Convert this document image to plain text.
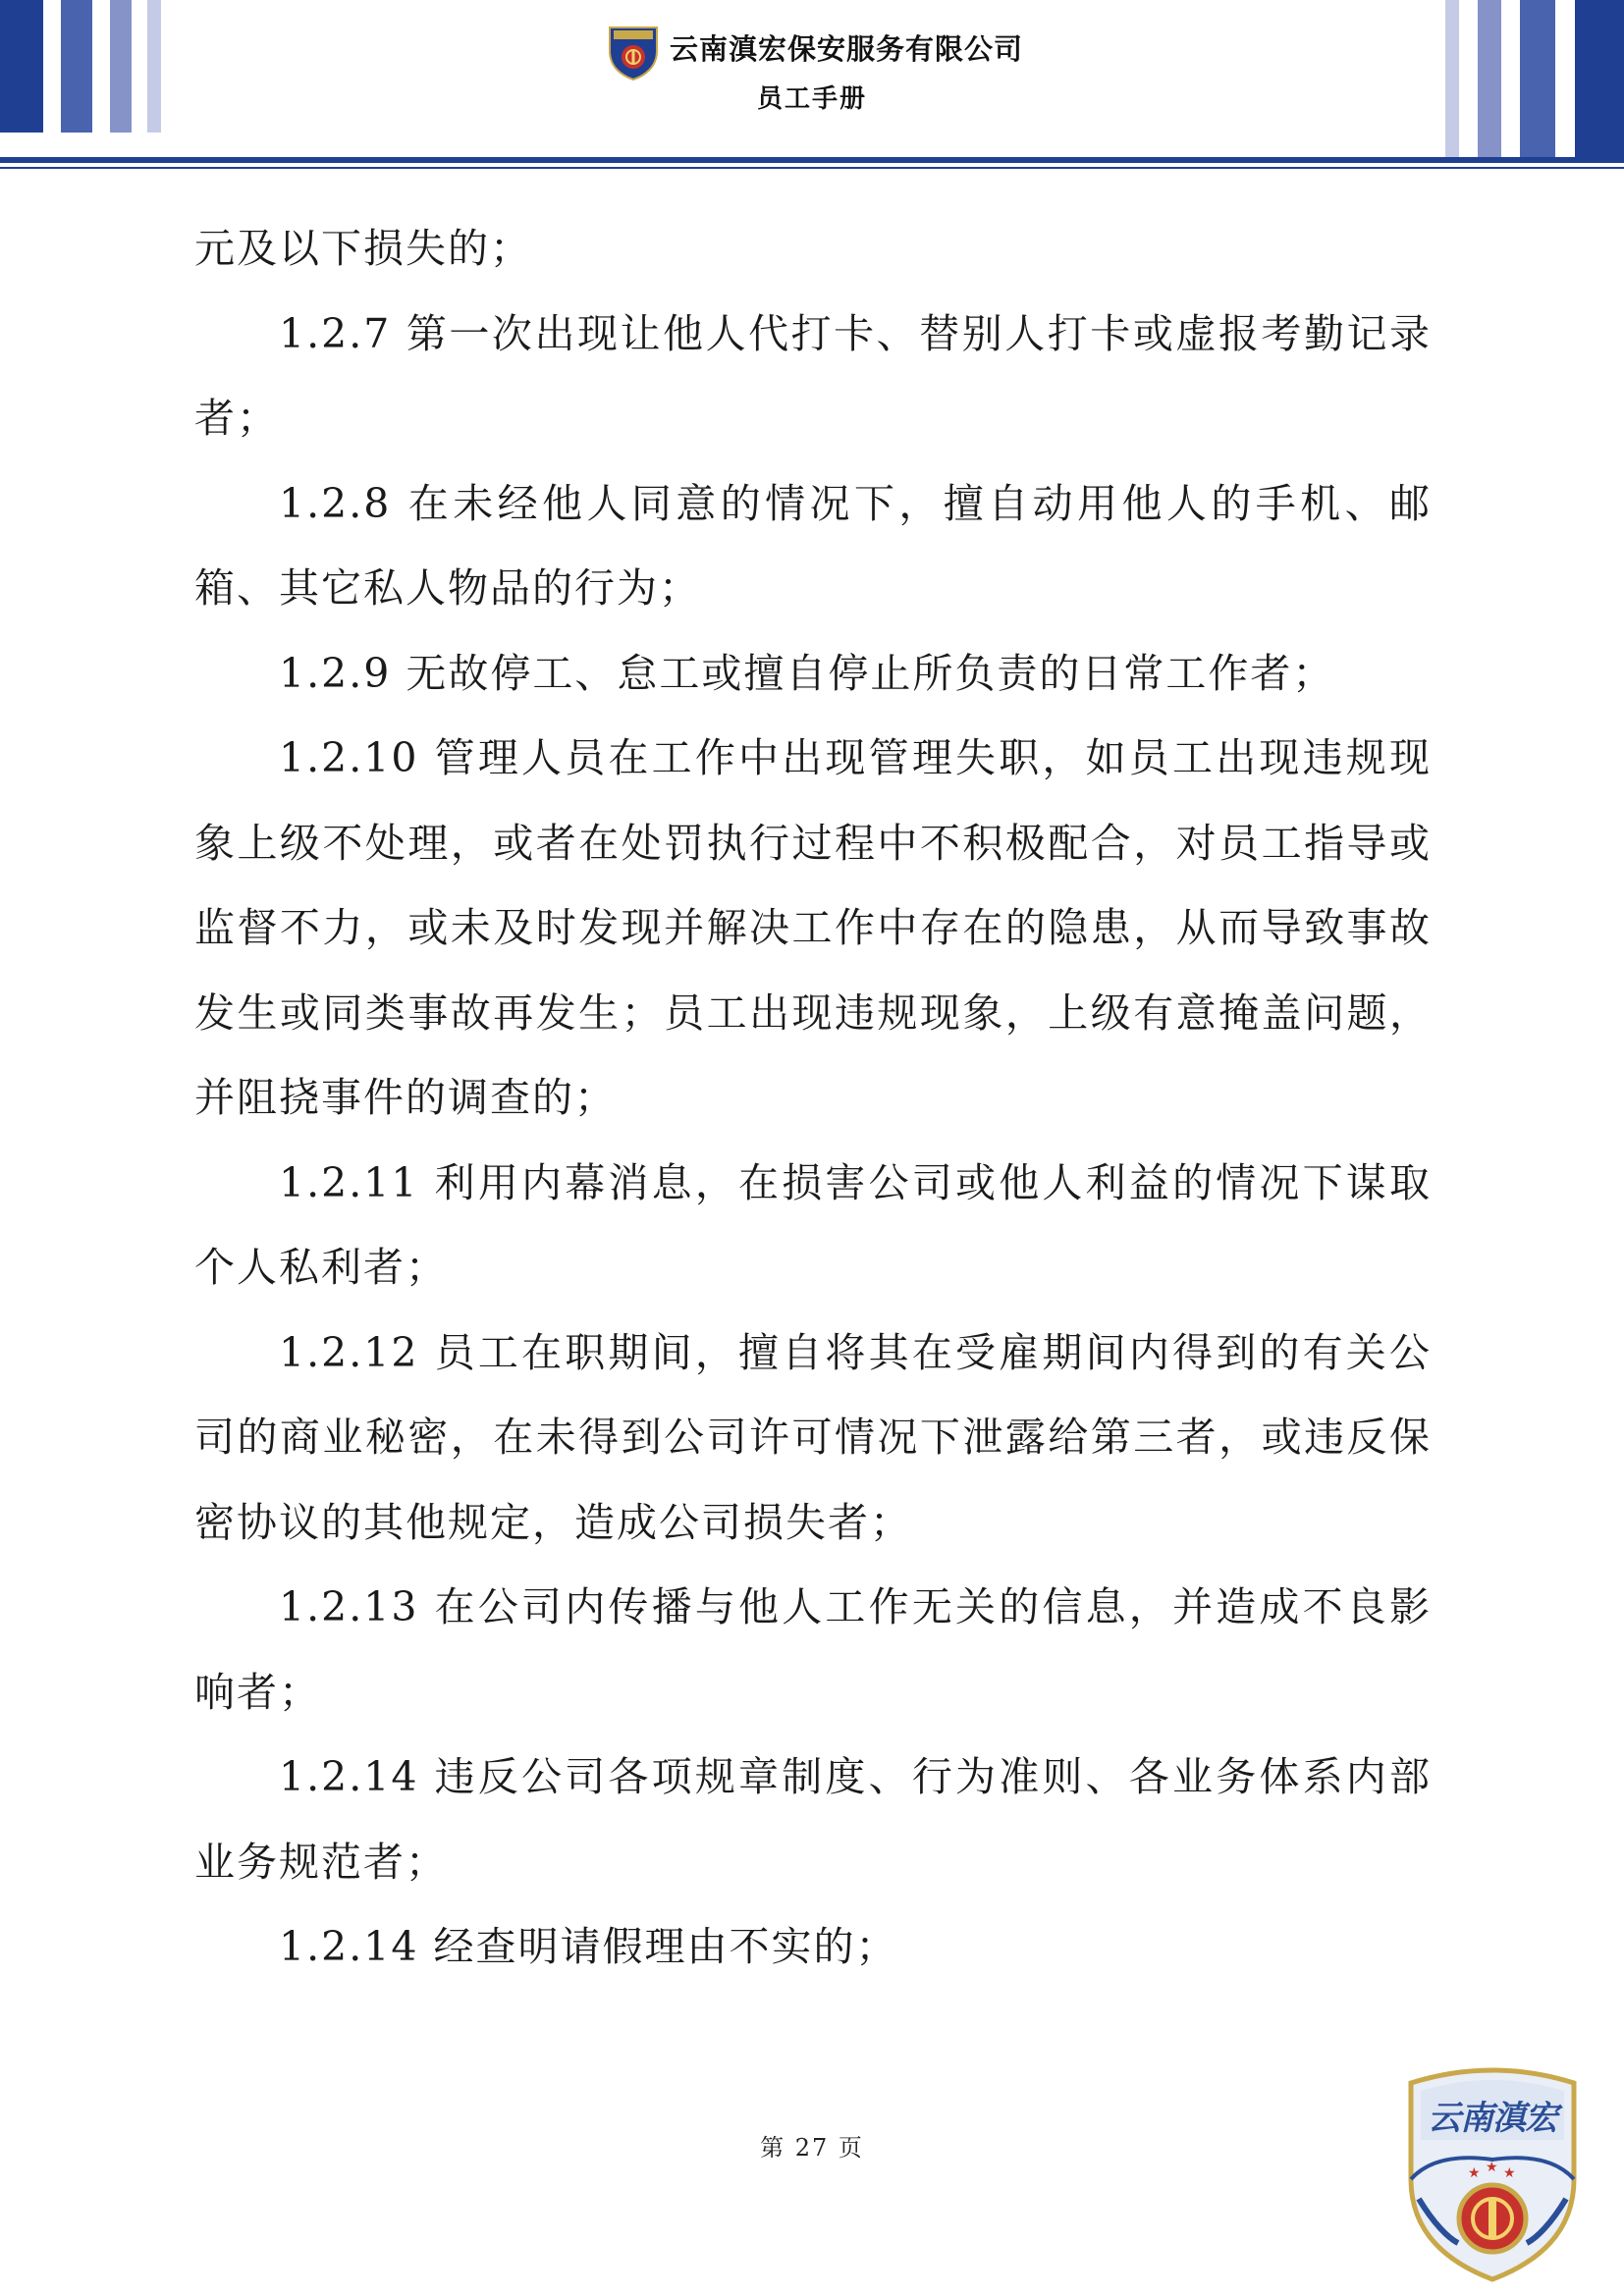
云南滇宏保安服务有限公司
员工手册

元及以下损失的；

1.2.7 第一次出现让他人代打卡、替别人打卡或虚报考勤记录者；

1.2.8 在未经他人同意的情况下，擅自动用他人的手机、邮箱、其它私人物品的行为；

1.2.9 无故停工、怠工或擅自停止所负责的日常工作者；

1.2.10 管理人员在工作中出现管理失职，如员工出现违规现象上级不处理，或者在处罚执行过程中不积极配合，对员工指导或监督不力，或未及时发现并解决工作中存在的隐患，从而导致事故发生或同类事故再发生；员工出现违规现象，上级有意掩盖问题，并阻挠事件的调查的；

1.2.11 利用内幕消息，在损害公司或他人利益的情况下谋取个人私利者；

1.2.12 员工在职期间，擅自将其在受雇期间内得到的有关公司的商业秘密，在未得到公司许可情况下泄露给第三者，或违反保密协议的其他规定，造成公司损失者；

1.2.13 在公司内传播与他人工作无关的信息，并造成不良影响者；

1.2.14 违反公司各项规章制度、行为准则、各业务体系内部业务规范者；

1.2.14 经查明请假理由不实的；

第 27 页
★ ★ ★
云南滇宏
